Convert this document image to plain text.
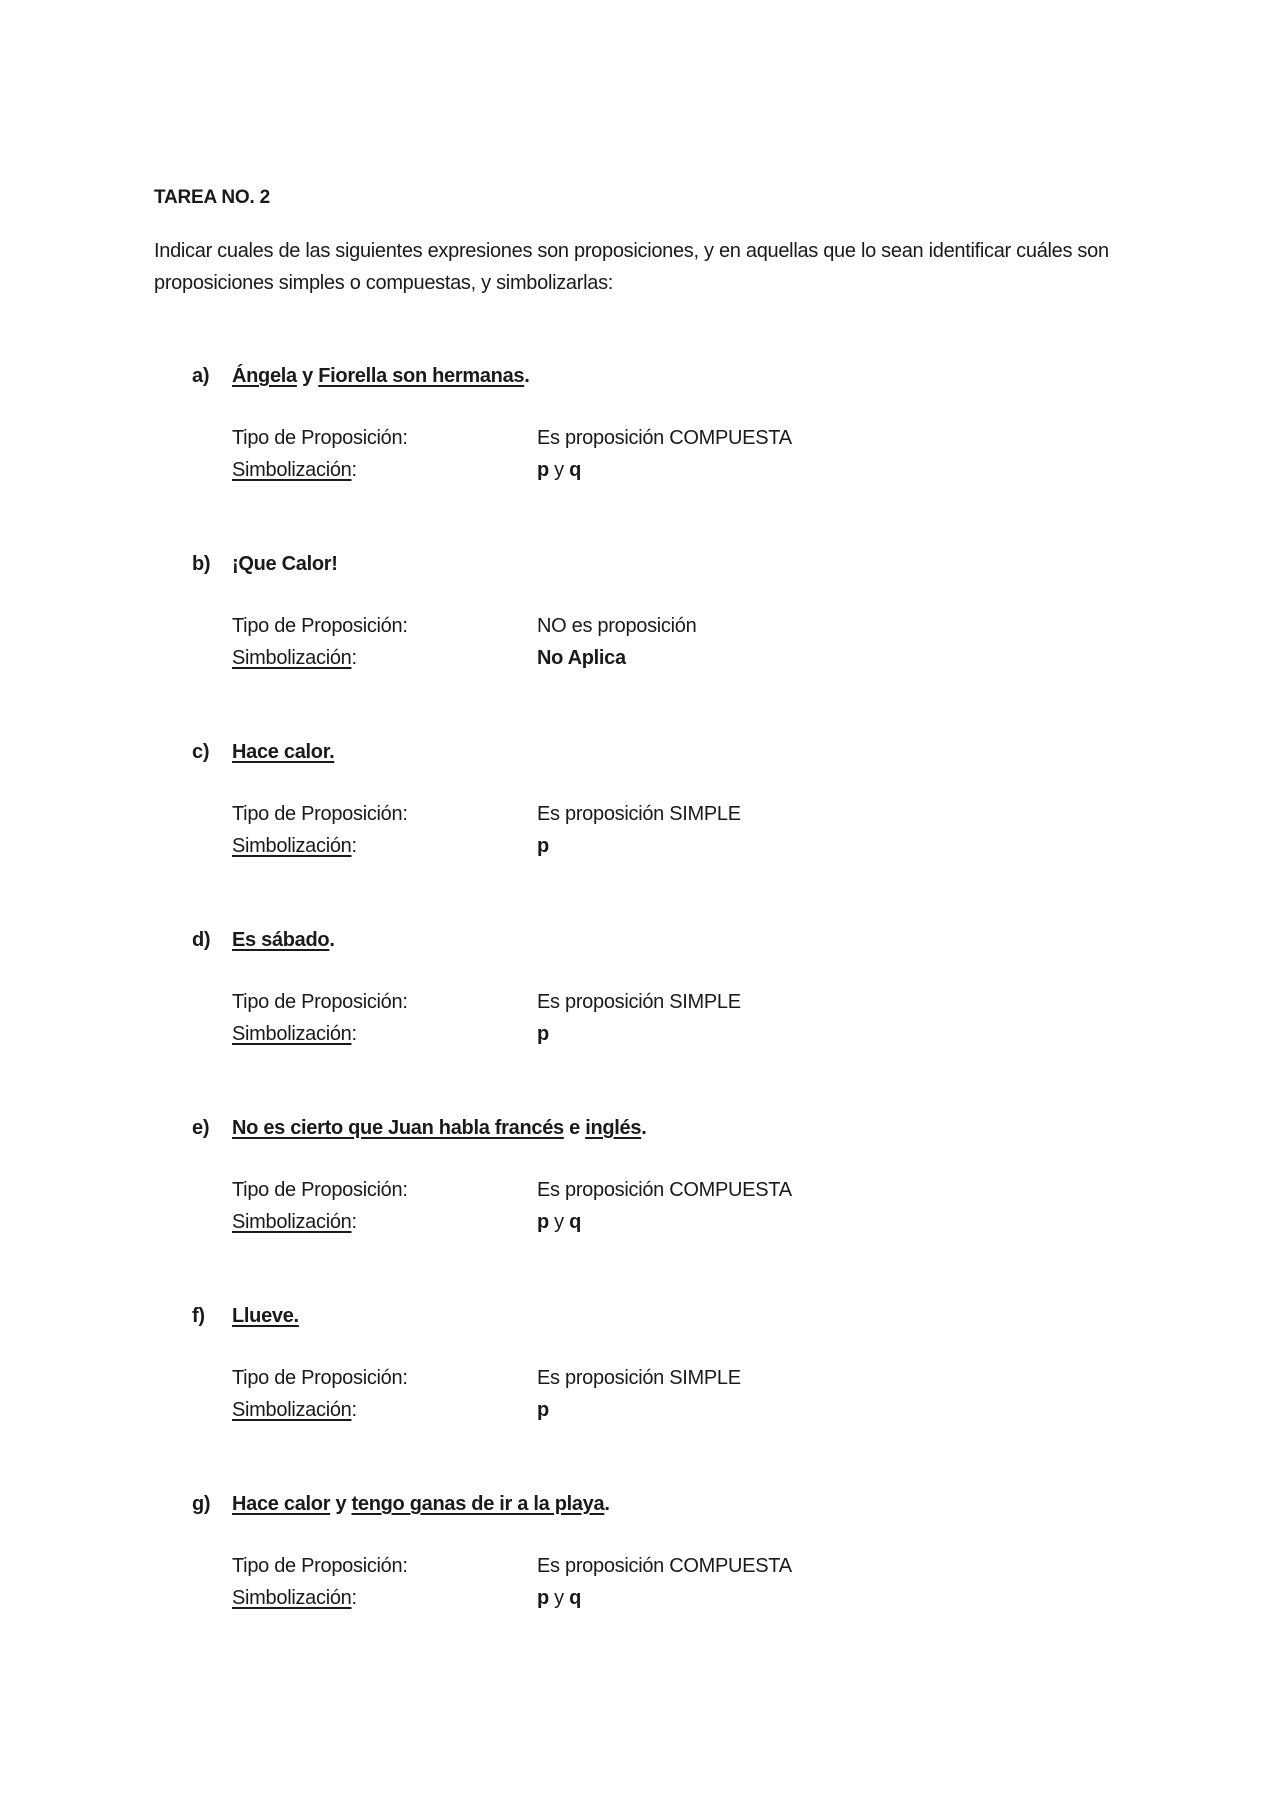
TAREA NO. 2
Indicar cuales de las siguientes expresiones son proposiciones, y en aquellas que lo sean identificar cuáles son proposiciones simples o compuestas, y simbolizarlas:
a) Ángela y Fiorella son hermanas.
Tipo de Proposición:	Es proposición COMPUESTA
Simbolización:	p y q
b) ¡Que Calor!
Tipo de Proposición:	NO es proposición
Simbolización:	No Aplica
c) Hace calor.
Tipo de Proposición:	Es proposición SIMPLE
Simbolización:	p
d) Es sábado.
Tipo de Proposición:	Es proposición SIMPLE
Simbolización:	p
e) No es cierto que Juan habla francés e inglés.
Tipo de Proposición:	Es proposición COMPUESTA
Simbolización:	p y q
f) Llueve.
Tipo de Proposición:	Es proposición SIMPLE
Simbolización:	p
g) Hace calor y tengo ganas de ir a la playa.
Tipo de Proposición:	Es proposición COMPUESTA
Simbolización:	p y q
